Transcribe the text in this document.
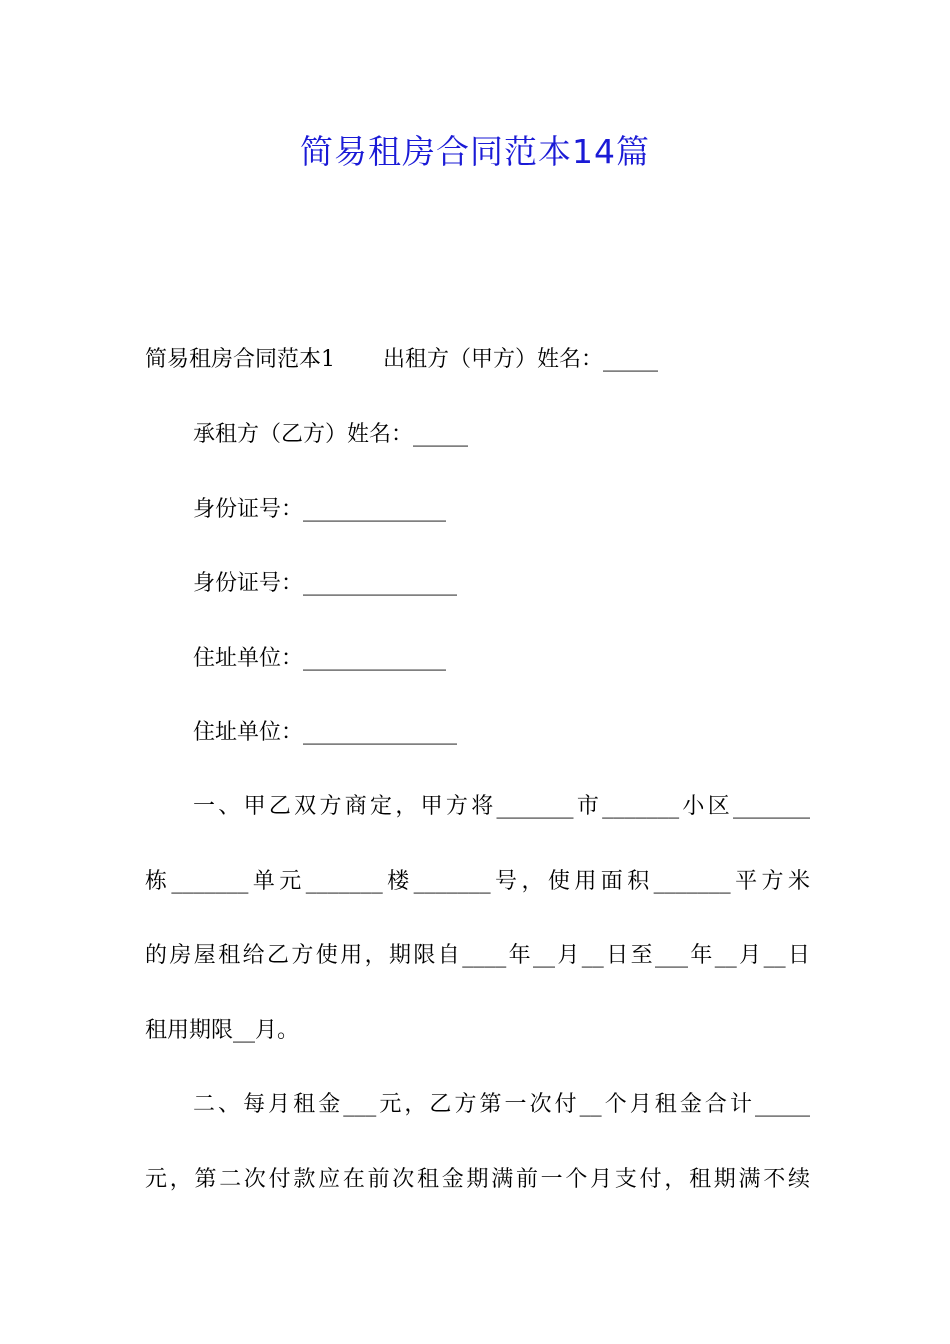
简易租房合同范本14篇

简易租房合同范本1 出租方（甲方）姓名：_____

承租方（乙方）姓名：_____

身份证号：_____________

身份证号：______________

住址单位：_____________

住址单位：______________

一、甲乙双方商定，甲方将_______市_______小区_______

栋_______单元_______楼_______号，使用面积_______平方米

的房屋租给乙方使用，期限自____年__月__日至___年__月__日

租用期限__月。

二、每月租金___元，乙方第一次付__个月租金合计_____

元，第二次付款应在前次租金期满前一个月支付，租期满不续
